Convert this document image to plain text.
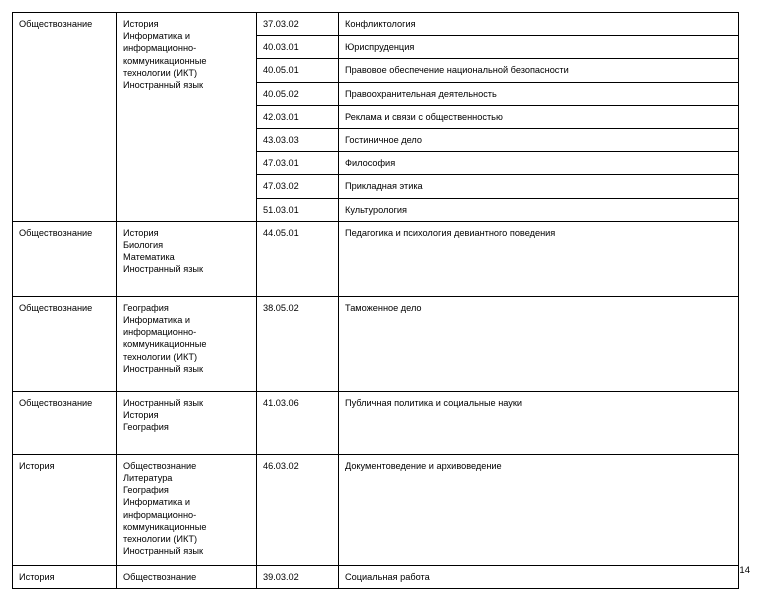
Обществознание	История
Информатика и информационно-коммуникационные технологии (ИКТ)
Иностранный язык	37.03.02	Конфликтология
		40.03.01	Юриспруденция
		40.05.01	Правовое обеспечение национальной безопасности
		40.05.02	Правоохранительная деятельность
		42.03.01	Реклама и связи с общественностью
		43.03.03	Гостиничное дело
		47.03.01	Философия
		47.03.02	Прикладная этика
		51.03.01	Культурология
Обществознание	История
Биология
Математика
Иностранный язык	44.05.01	Педагогика и психология девиантного поведения
Обществознание	География
Информатика и информационно-коммуникационные технологии (ИКТ)
Иностранный язык	38.05.02	Таможенное дело
Обществознание	Иностранный язык
История
География	41.03.06	Публичная политика и социальные науки
История	Обществознание
Литература
География
Информатика и информационно-коммуникационные технологии (ИКТ)
Иностранный язык	46.03.02	Документоведение и архивоведение
История	Обществознание	39.03.02	Социальная работа
14
